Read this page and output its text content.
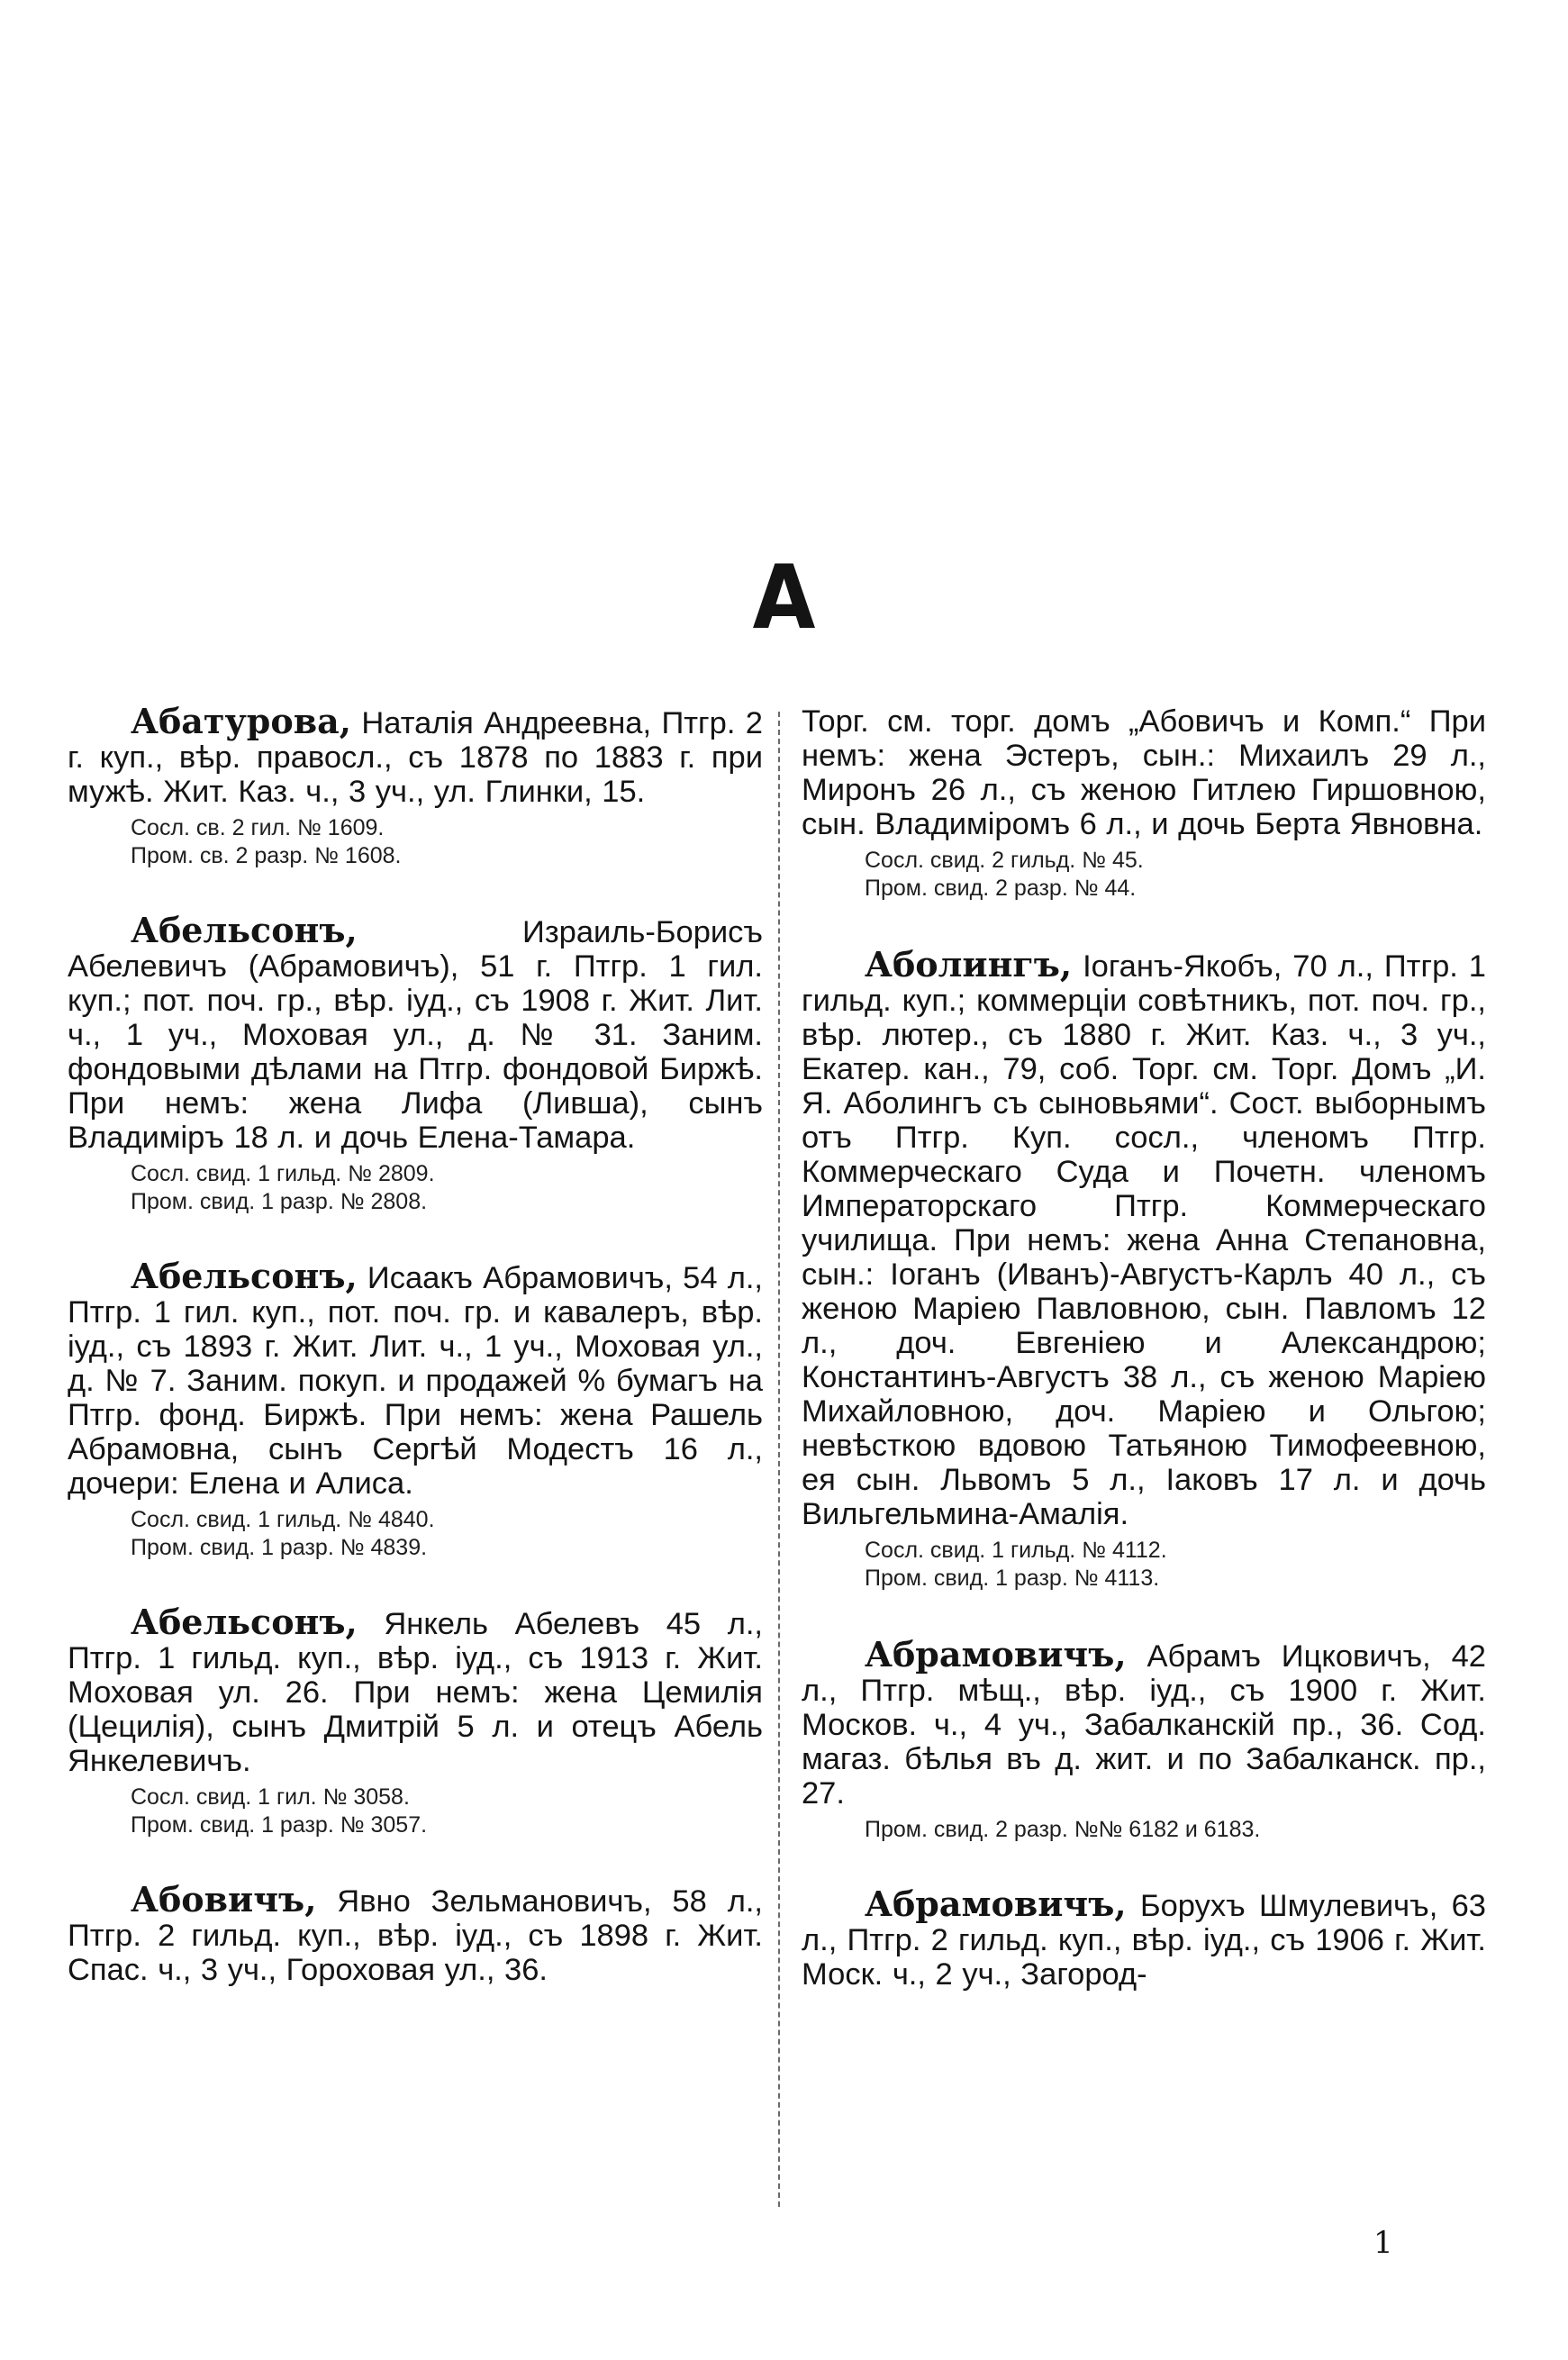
А

Абатурова, Наталія Андреевна, Птгр. 2 г. куп., вѣр. правосл., съ 1878 по 1883 г. при мужѣ. Жит. Каз. ч., 3 уч., ул. Глинки, 15.

Сосл. св. 2 гил. № 1609.
Пром. св. 2 разр. № 1608.

Абельсонъ, Израиль-Борисъ Абелевичъ (Абрамовичъ), 51 г. Птгр. 1 гил. куп.; пот. поч. гр., вѣр. іуд., съ 1908 г. Жит. Лит. ч., 1 уч., Моховая ул., д. № 31. Заним. фондовыми дѣлами на Птгр. фондовой Биржѣ. При немъ: жена Лифа (Ливша), сынъ Владиміръ 18 л. и дочь Елена-Тамара.

Сосл. свид. 1 гильд. № 2809.
Пром. свид. 1 разр. № 2808.

Абельсонъ, Исаакъ Абрамовичъ, 54 л., Птгр. 1 гил. куп., пот. поч. гр. и кавалеръ, вѣр. іуд., съ 1893 г. Жит. Лит. ч., 1 уч., Моховая ул., д. № 7. Заним. покуп. и продажей % бумагъ на Птгр. фонд. Биржѣ. При немъ: жена Рашель Абрамовна, сынъ Сергѣй Модестъ 16 л., дочери: Елена и Алиса.

Сосл. свид. 1 гильд. № 4840.
Пром. свид. 1 разр. № 4839.

Абельсонъ, Янкель Абелевъ 45 л., Птгр. 1 гильд. куп., вѣр. іуд., съ 1913 г. Жит. Моховая ул. 26. При немъ: жена Цемилія (Цецилія), сынъ Дмитрій 5 л. и отецъ Абель Янкелевичъ.

Сосл. свид. 1 гил. № 3058.
Пром. свид. 1 разр. № 3057.

Абовичъ, Явно Зельмановичъ, 58 л., Птгр. 2 гильд. куп., вѣр. іуд., съ 1898 г. Жит. Спас. ч., 3 уч., Гороховая ул., 36.

Торг. см. торг. домъ „Абовичъ и Комп.“ При немъ: жена Эстеръ, сын.: Михаилъ 29 л., Миронъ 26 л., съ женою Гитлею Гиршовною, сын. Владиміромъ 6 л., и дочь Берта Явновна.

Сосл. свид. 2 гильд. № 45.
Пром. свид. 2 разр. № 44.

Аболингъ, Іоганъ-Якобъ, 70 л., Птгр. 1 гильд. куп.; коммерціи совѣтникъ, пот. поч. гр., вѣр. лютер., съ 1880 г. Жит. Каз. ч., 3 уч., Екатер. кан., 79, соб. Торг. см. Торг. Домъ „И. Я. Аболингъ съ сыновьями“. Сост. выборнымъ отъ Птгр. Куп. сосл., членомъ Птгр. Коммерческаго Суда и Почетн. членомъ Императорскаго Птгр. Коммерческаго училища. При немъ: жена Анна Степановна, сын.: Іоганъ (Иванъ)-Августъ-Карлъ 40 л., съ женою Маріею Павловною, сын. Павломъ 12 л., доч. Евгеніею и Александрою; Константинъ-Августъ 38 л., съ женою Маріею Михайловною, доч. Маріею и Ольгою; невѣсткою вдовою Татьяною Тимофеевною, ея сын. Львомъ 5 л., Іаковъ 17 л. и дочь Вильгельмина-Амалія.

Сосл. свид. 1 гильд. № 4112.
Пром. свид. 1 разр. № 4113.

Абрамовичъ, Абрамъ Ицковичъ, 42 л., Птгр. мѣщ., вѣр. іуд., съ 1900 г. Жит. Москов. ч., 4 уч., Забалканскій пр., 36. Сод. магаз. бѣлья въ д. жит. и по Забалканск. пр., 27.

Пром. свид. 2 разр. №№ 6182 и 6183.

Абрамовичъ, Борухъ Шмулевичъ, 63 л., Птгр. 2 гильд. куп., вѣр. іуд., съ 1906 г. Жит. Моск. ч., 2 уч., Загород-

1
